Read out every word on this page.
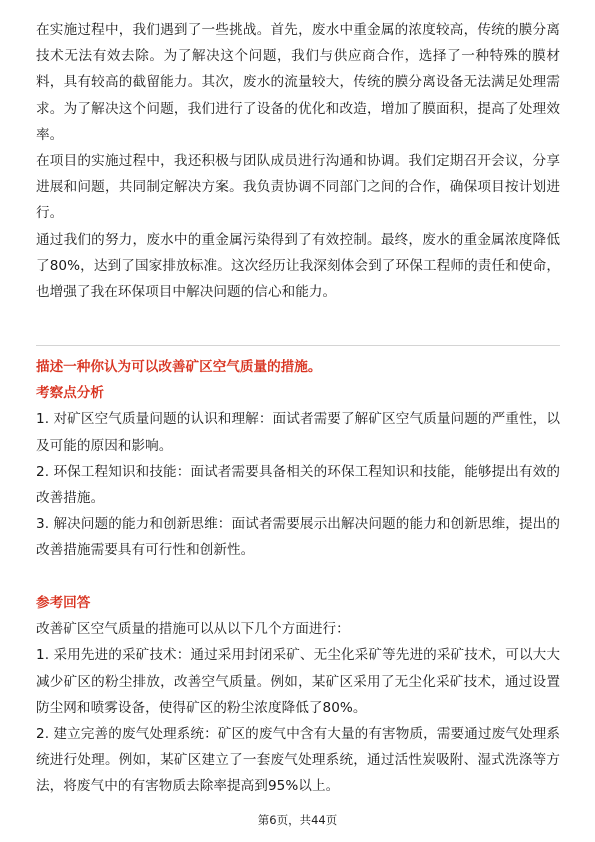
在实施过程中，我们遇到了一些挑战。首先，废水中重金属的浓度较高，传统的膜分离技术无法有效去除。为了解决这个问题，我们与供应商合作，选择了一种特殊的膜材料，具有较高的截留能力。其次，废水的流量较大，传统的膜分离设备无法满足处理需求。为了解决这个问题，我们进行了设备的优化和改造，增加了膜面积，提高了处理效率。

在项目的实施过程中，我还积极与团队成员进行沟通和协调。我们定期召开会议，分享进展和问题，共同制定解决方案。我负责协调不同部门之间的合作，确保项目按计划进行。

通过我们的努力，废水中的重金属污染得到了有效控制。最终，废水的重金属浓度降低了80%，达到了国家排放标准。这次经历让我深刻体会到了环保工程师的责任和使命，也增强了我在环保项目中解决问题的信心和能力。

描述一种你认为可以改善矿区空气质量的措施。

考察点分析

1. 对矿区空气质量问题的认识和理解：面试者需要了解矿区空气质量问题的严重性，以及可能的原因和影响。

2. 环保工程知识和技能：面试者需要具备相关的环保工程知识和技能，能够提出有效的改善措施。

3. 解决问题的能力和创新思维：面试者需要展示出解决问题的能力和创新思维，提出的改善措施需要具有可行性和创新性。

参考回答

改善矿区空气质量的措施可以从以下几个方面进行：

1. 采用先进的采矿技术：通过采用封闭采矿、无尘化采矿等先进的采矿技术，可以大大减少矿区的粉尘排放，改善空气质量。例如，某矿区采用了无尘化采矿技术，通过设置防尘网和喷雾设备，使得矿区的粉尘浓度降低了80%。

2. 建立完善的废气处理系统：矿区的废气中含有大量的有害物质，需要通过废气处理系统进行处理。例如，某矿区建立了一套废气处理系统，通过活性炭吸附、湿式洗涤等方法，将废气中的有害物质去除率提高到95%以上。

第6页，共44页
